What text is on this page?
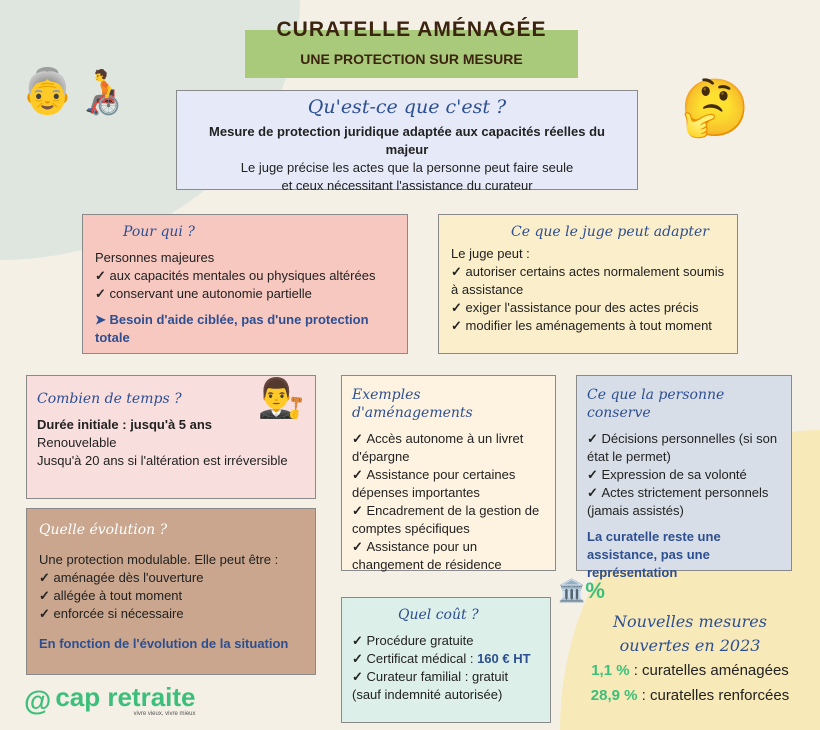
CURATELLE AMÉNAGÉE
UNE PROTECTION SUR MESURE
👵🧑‍🦽	🤔
🏛️%
Qu'est-ce que c'est ?
Mesure de protection juridique adaptée aux capacités réelles du majeur
Le juge précise les actes que la personne peut faire seule
et ceux nécessitant l'assistance du curateur
Pour qui ?
Personnes majeures
✓ aux capacités mentales ou physiques altérées
✓ conservant une autonomie partielle
➤ Besoin d'aide ciblée, pas d'une protection totale
Ce que le juge peut adapter
Le juge peut :
✓ autoriser certains actes normalement soumis à assistance
✓ exiger l'assistance pour des actes précis
✓ modifier les aménagements à tout moment
👨‍⚖️
Combien de temps ?
Durée initiale : jusqu'à 5 ans
Renouvelable
Jusqu'à 20 ans si l'altération est irréversible
Quelle évolution ?
Une protection modulable. Elle peut être :
✓ aménagée dès l'ouverture
✓ allégée à tout moment
✓ enforcée si nécessaire
En fonction de l'évolution de la situation
Exemples d'aménagements
✓ Accès autonome à un livret d'épargne
✓ Assistance pour certaines dépenses importantes
✓ Encadrement de la gestion de comptes spécifiques
✓ Assistance pour un changement de résidence
Ce que la personne conserve
✓ Décisions personnelles (si son état le permet)
✓ Expression de sa volonté
✓ Actes strictement personnels (jamais assistés)
La curatelle reste une assistance, pas une représentation
Quel coût ?
✓ Procédure gratuite
✓ Certificat médical : 160 € HT
✓ Curateur familial : gratuit (sauf indemnité autorisée)
Nouvelles mesures
ouvertes en 2023
1,1 % : curatelles aménagées
28,9 % : curatelles renforcées
@ cap retraite
vivre vieux, vivre mieux
